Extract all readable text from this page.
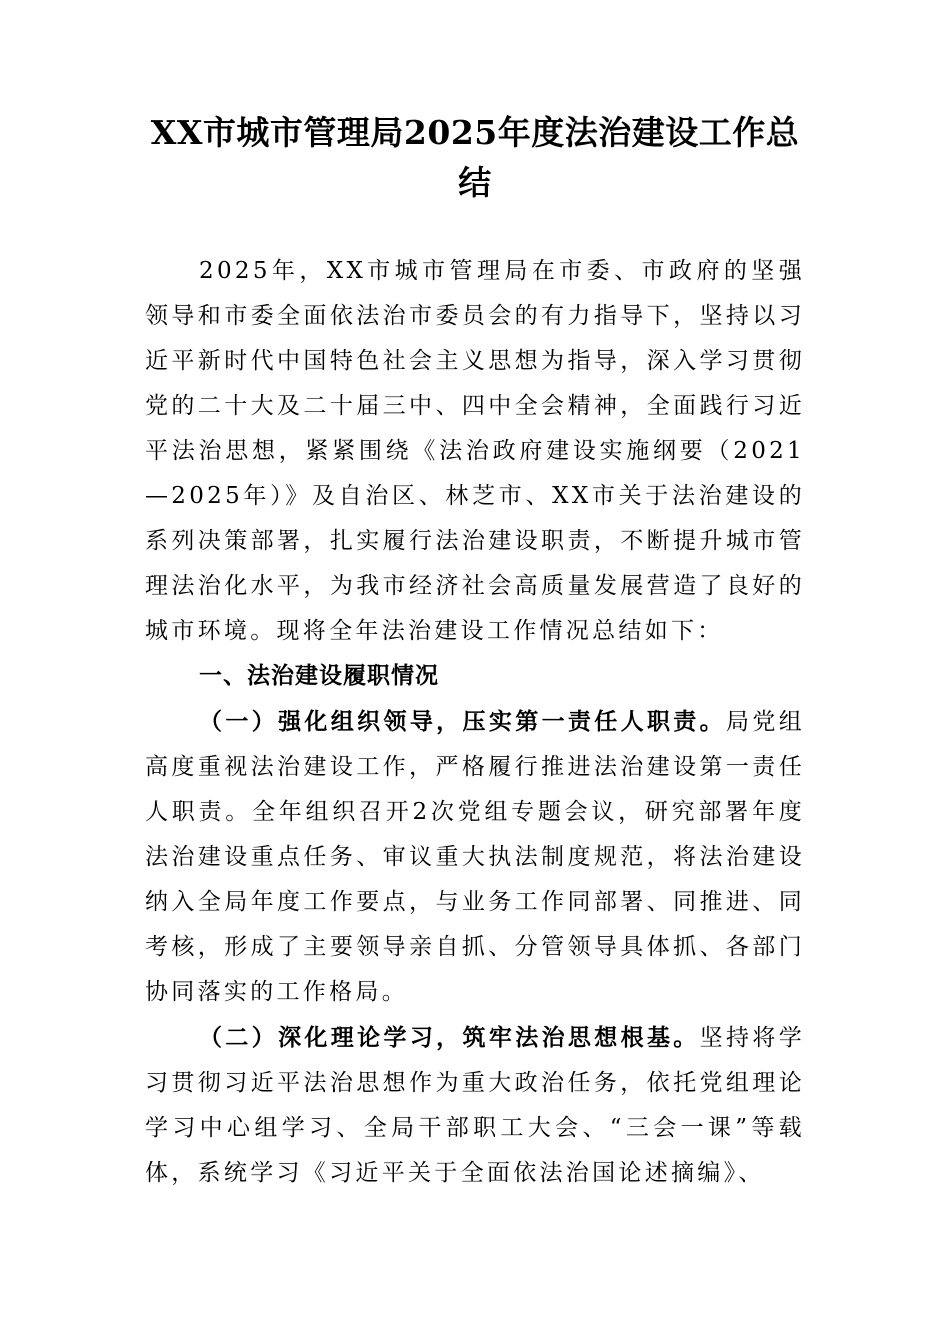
XX市城市管理局2025年度法治建设工作总结

2025年，XX市城市管理局在市委、市政府的坚强领导和市委全面依法治市委员会的有力指导下，坚持以习近平新时代中国特色社会主义思想为指导，深入学习贯彻党的二十大及二十届三中、四中全会精神，全面践行习近平法治思想，紧紧围绕《法治政府建设实施纲要（2021—2025年）》及自治区、林芝市、XX市关于法治建设的系列决策部署，扎实履行法治建设职责，不断提升城市管理法治化水平，为我市经济社会高质量发展营造了良好的城市环境。现将全年法治建设工作情况总结如下：

一、法治建设履职情况

（一）强化组织领导，压实第一责任人职责。局党组高度重视法治建设工作，严格履行推进法治建设第一责任人职责。全年组织召开2次党组专题会议，研究部署年度法治建设重点任务、审议重大执法制度规范，将法治建设纳入全局年度工作要点，与业务工作同部署、同推进、同考核，形成了主要领导亲自抓、分管领导具体抓、各部门协同落实的工作格局。

（二）深化理论学习，筑牢法治思想根基。坚持将学习贯彻习近平法治思想作为重大政治任务，依托党组理论学习中心组学习、全局干部职工大会、“三会一课”等载体，系统学习《习近平关于全面依法治国论述摘编》、
